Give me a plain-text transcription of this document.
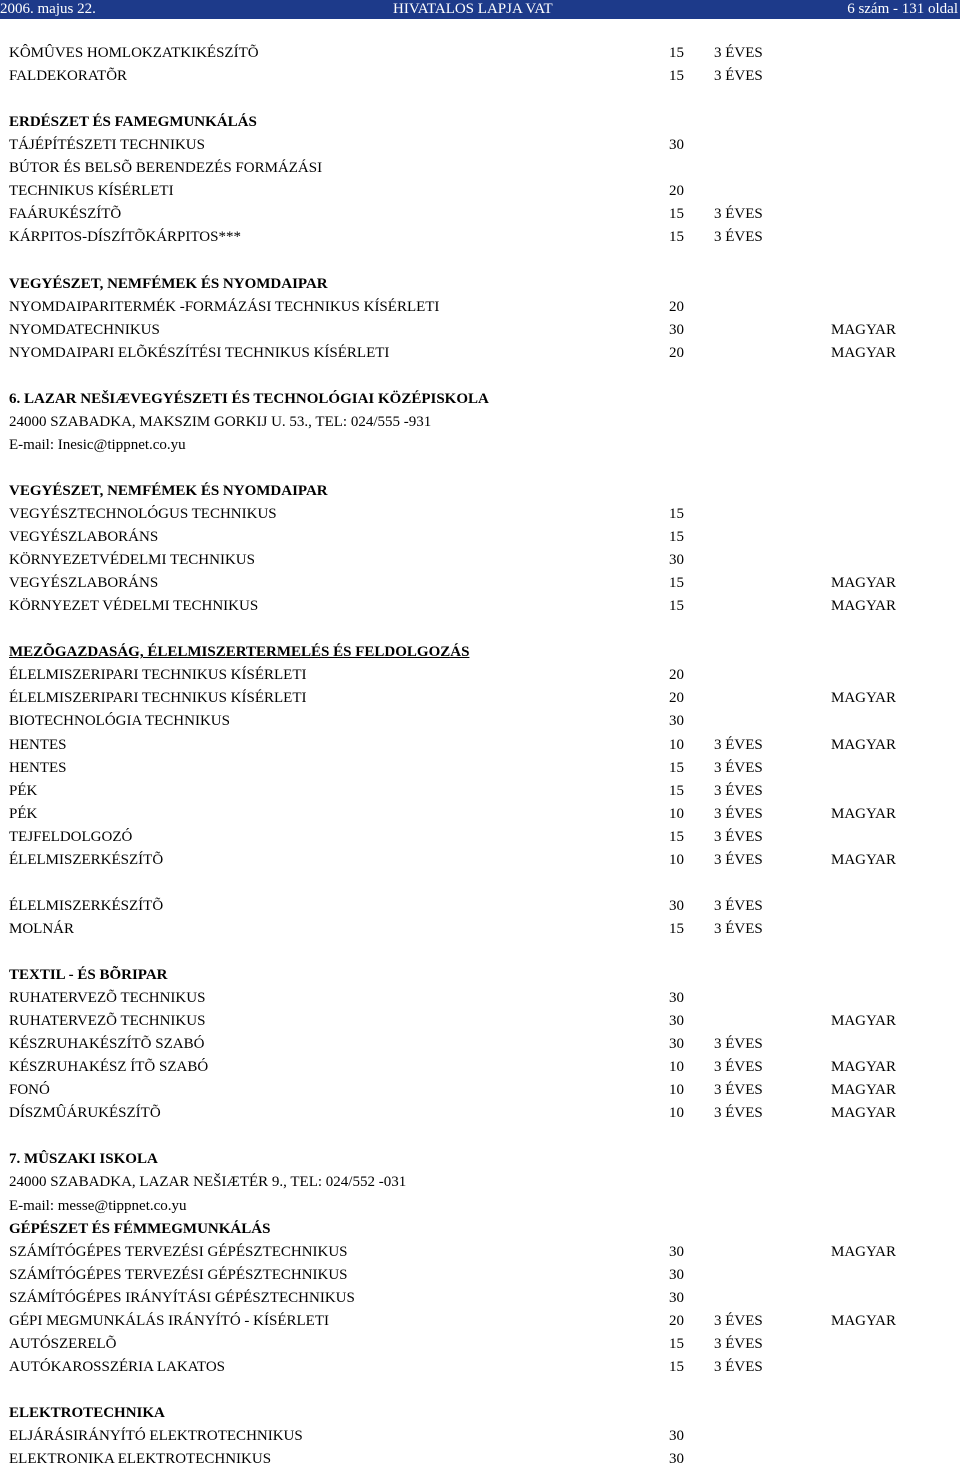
2006. majus 22.	HIVATALOS LAPJA VAT	6 szám - 131 oldal
KÔMÛVES HOMLOKZATKIKÉSZÍTÕ	15 3 ÉVES
FALDEKORATÕR	15 3 ÉVES
ERDÉSZET ÉS FAMEGMUNKÁLÁS
TÁJÉPÍTÉSZETI TECHNIKUS	30
BÚTOR ÉS BELSÕ BERENDEZÉS FORMÁZÁSI
TECHNIKUS KÍSÉRLETI	20
FAÁRUKÉSZÍTÕ	15 3 ÉVES
KÁRPITOS-DÍSZÍTÕKÁRPITOS***	15 3 ÉVES
VEGYÉSZET, NEMFÉMEK ÉS NYOMDAIPAR
NYOMDAIPARITERMÉK -FORMÁZÁSI TECHNIKUS KÍSÉRLETI	20
NYOMDATECHNIKUS	30	MAGYAR
NYOMDAIPARI ELÕKÉSZÍTÉSI TECHNIKUS KÍSÉRLETI	20	MAGYAR
6. LAZAR NEŠIÆVEGYÉSZETI ÉS TECHNOLÓGIAI KÖZÉPISKOLA
24000 SZABADKA, MAKSZIM GORKIJ U. 53., TEL: 024/555 -931
E-mail: Inesic@tippnet.co.yu
VEGYÉSZET, NEMFÉMEK ÉS NYOMDAIPAR
VEGYÉSZTECHNOLÓGUS TECHNIKUS	15
VEGYÉSZLABORÁNS	15
KÖRNYEZETVÉDELMI TECHNIKUS	30
VEGYÉSZLABORÁNS	15	MAGYAR
KÖRNYEZET VÉDELMI TECHNIKUS	15	MAGYAR
MEZÕGAZDASÁG, ÉLELMISZERTERMELÉS ÉS FELDOLGOZÁS
ÉLELMISZERIPARI TECHNIKUS KÍSÉRLETI	20
ÉLELMISZERIPARI TECHNIKUS KÍSÉRLETI	20	MAGYAR
BIOTECHNOLÓGIA TECHNIKUS	30
HENTES	10 3 ÉVES	MAGYAR
HENTES	15 3 ÉVES
PÉK	15 3 ÉVES
PÉK	10 3 ÉVES	MAGYAR
TEJFELDOLGOZÓ	15 3 ÉVES
ÉLELMISZERKÉSZÍTÕ	10 3 ÉVES	MAGYAR
ÉLELMISZERKÉSZÍTÕ	30 3 ÉVES
MOLNÁR	15 3 ÉVES
TEXTIL - ÉS BÕRIPAR
RUHATERVEZÕ TECHNIKUS	30
RUHATERVEZÕ TECHNIKUS	30	MAGYAR
KÉSZRUHAKÉSZÍTÕ SZABÓ	30 3 ÉVES
KÉSZRUHAKÉSZ ÍTÕ SZABÓ	10 3 ÉVES	MAGYAR
FONÓ	10 3 ÉVES	MAGYAR
DÍSZMÛÁRUKÉSZÍTÕ	10 3 ÉVES	MAGYAR
7. MÛSZAKI ISKOLA
24000 SZABADKA, LAZAR NEŠIÆTÉR 9., TEL: 024/552 -031
E-mail: messe@tippnet.co.yu
GÉPÉSZET ÉS FÉMMEGMUNKÁLÁS
SZÁMÍTÓGÉPES TERVEZÉSI GÉPÉSZTECHNIKUS	30	MAGYAR
SZÁMÍTÓGÉPES TERVEZÉSI GÉPÉSZTECHNIKUS	30
SZÁMÍTÓGÉPES IRÁNYÍTÁSI GÉPÉSZTECHNIKUS	30
GÉPI MEGMUNKÁLÁS IRÁNYÍTÓ - KÍSÉRLETI	20 3 ÉVES	MAGYAR
AUTÓSZERELÕ	15 3 ÉVES
AUTÓKAROSSZÉRIA LAKATOS	15 3 ÉVES
ELEKTROTECHNIKA
ELJÁRÁSIRÁNYÍTÓ ELEKTROTECHNIKUS	30
ELEKTRONIKA ELEKTROTECHNIKUS	30
